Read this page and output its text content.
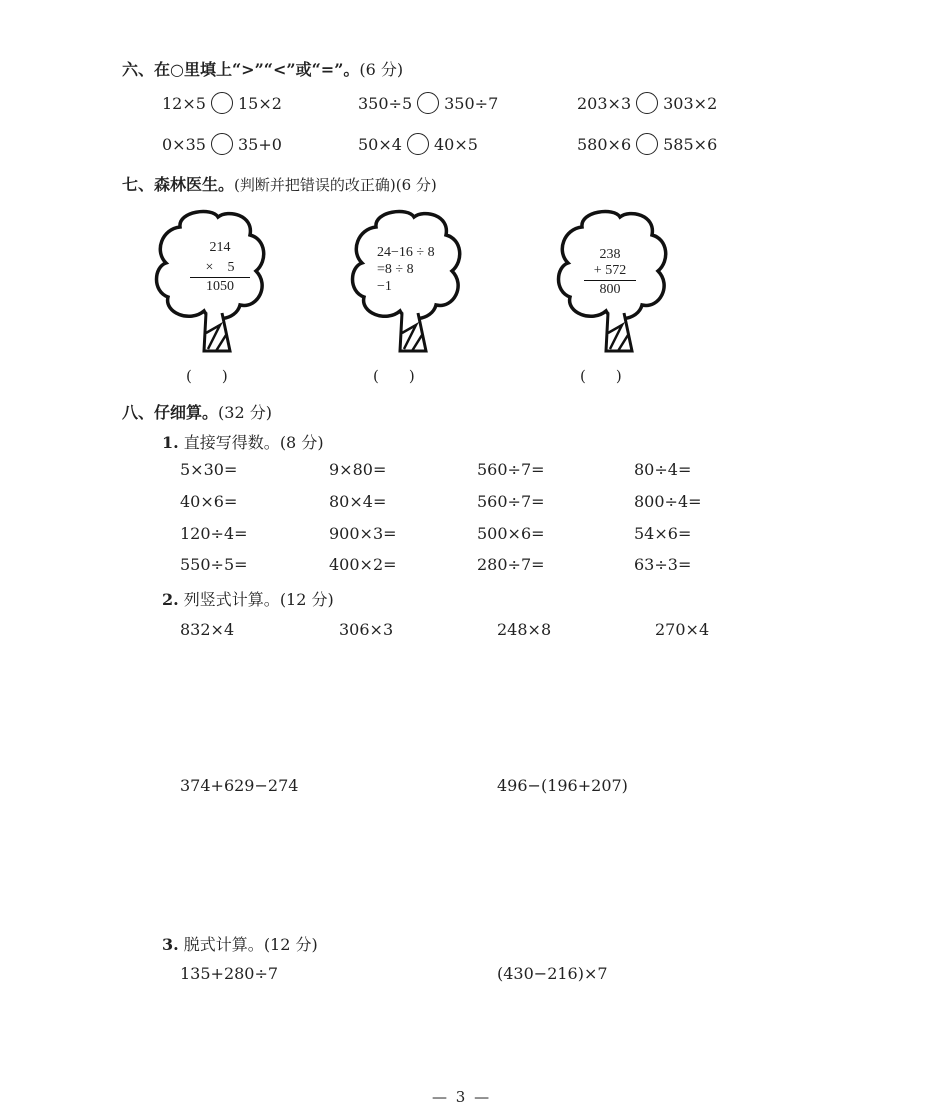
六、在○里填上“>”“<”或“=”。(6 分)
12×5 15×2	350÷5 350÷7	203×3 303×2
0×35 35+0	50×4 40×5	580×6 585×6
七、森林医生。(判断并把错误的改正确)(6 分)
214
×　5
1050
(　　)
24−16 ÷ 8
=8 ÷ 8
−1
(　　)
238
+ 572
800
(　　)
八、仔细算。(32 分)
1. 直接写得数。(8 分)
5×30=	9×80=	560÷7=	80÷4=
40×6=	80×4=	560÷7=	800÷4=
120÷4=	900×3=	500×6=	54×6=
550÷5=	400×2=	280÷7=	63÷3=
2. 列竖式计算。(12 分)
832×4	306×3	248×8	270×4
374+629−274	496−(196+207)
3. 脱式计算。(12 分)
135+280÷7	(430−216)×7
— 3 —
